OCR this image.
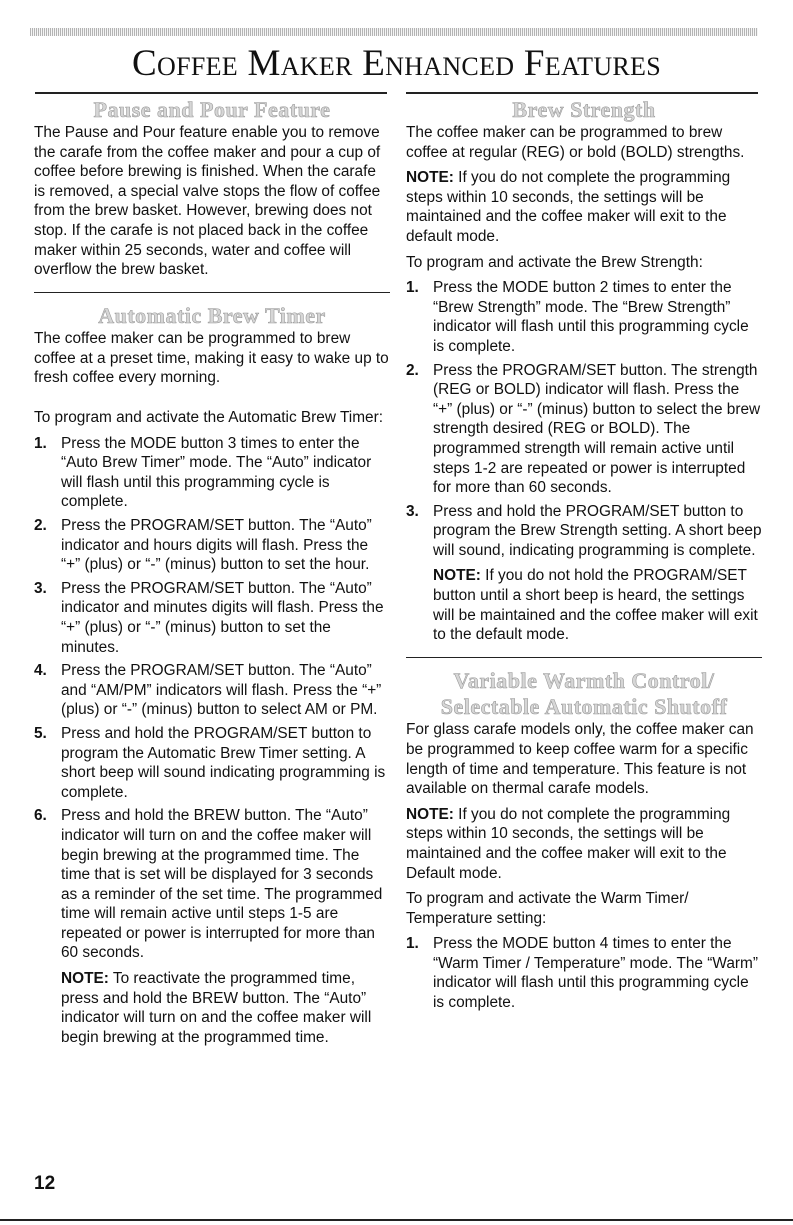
Coffee Maker Enhanced Features
Pause and Pour Feature

The Pause and Pour feature enable you to remove the carafe from the coffee maker and pour a cup of coffee before brewing is finished. When the carafe is removed, a special valve stops the flow of coffee from the brew basket. However, brewing does not stop. If the carafe is not placed back in the coffee maker within 25 seconds, water and coffee will overflow the brew basket.

Automatic Brew Timer

The coffee maker can be programmed to brew coffee at a preset time, making it easy to wake up to fresh coffee every morning.

To program and activate the Automatic Brew Timer:

1. Press the MODE button 3 times to enter the “Auto Brew Timer” mode. The “Auto” indicator will flash until this programming cycle is complete.
2. Press the PROGRAM/SET button. The “Auto” indicator and hours digits will flash. Press the “+” (plus) or “-” (minus) button to set the hour.
3. Press the PROGRAM/SET button. The “Auto” indicator and minutes digits will flash. Press the “+” (plus) or “-” (minus) button to set the minutes.
4. Press the PROGRAM/SET button. The “Auto” and “AM/PM” indicators will flash. Press the “+” (plus) or “-” (minus) button to select AM or PM.
5. Press and hold the PROGRAM/SET button to program the Automatic Brew Timer setting. A short beep will sound indicating programming is complete.
6. Press and hold the BREW button. The “Auto” indicator will turn on and the coffee maker will begin brewing at the programmed time. The time that is set will be displayed for 3 seconds as a reminder of the set time. The programmed time will remain active until steps 1-5 are repeated or power is interrupted for more than 60 seconds.

NOTE: To reactivate the programmed time, press and hold the BREW button. The “Auto” indicator will turn on and the coffee maker will begin brewing at the programmed time.

Brew Strength

The coffee maker can be programmed to brew coffee at regular (REG) or bold (BOLD) strengths.

NOTE: If you do not complete the programming steps within 10 seconds, the settings will be maintained and the coffee maker will exit to the default mode.

To program and activate the Brew Strength:

1. Press the MODE button 2 times to enter the “Brew Strength” mode. The “Brew Strength” indicator will flash until this programming cycle is complete.
2. Press the PROGRAM/SET button. The strength (REG or BOLD) indicator will flash. Press the “+” (plus) or “-” (minus) button to select the brew strength desired (REG or BOLD). The programmed strength will remain active until steps 1-2 are repeated or power is interrupted for more than 60 seconds.
3. Press and hold the PROGRAM/SET button to program the Brew Strength setting. A short beep will sound, indicating programming is complete.

NOTE: If you do not hold the PROGRAM/SET button until a short beep is heard, the settings will be maintained and the coffee maker will exit to the default mode.

Variable Warmth Control/
Selectable Automatic Shutoff

For glass carafe models only, the coffee maker can be programmed to keep coffee warm for a specific length of time and temperature. This feature is not available on thermal carafe models.

NOTE: If you do not complete the programming steps within 10 seconds, the settings will be maintained and the coffee maker will exit to the Default mode.

To program and activate the Warm Timer/ Temperature setting:

1. Press the MODE button 4 times to enter the “Warm Timer / Temperature” mode. The “Warm” indicator will flash until this programming cycle is complete.
12
